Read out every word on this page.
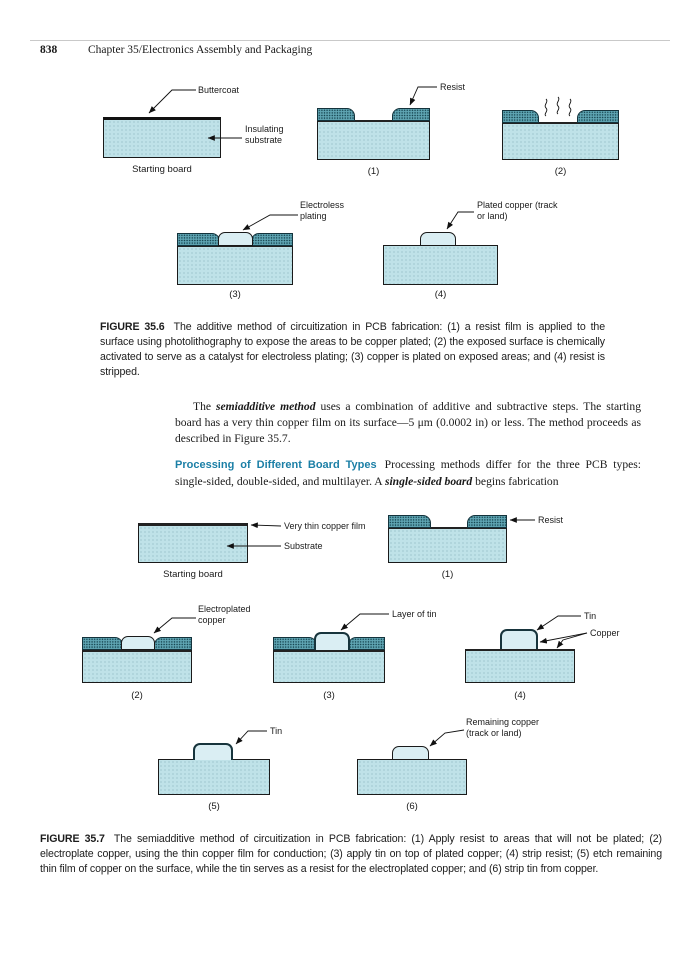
838	Chapter 35/Electronics Assembly and Packaging
Buttercoat
Insulating substrate
Starting board
Resist
(1)	(2)
Electroless plating
(3)
Plated copper (track or land)
(4)
FIGURE 35.6 The additive method of circuitization in PCB fabrication: (1) a resist film is applied to the surface using photolithography to expose the areas to be copper plated; (2) the exposed surface is chemically activated to serve as a catalyst for electroless plating; (3) copper is plated on exposed areas; and (4) resist is stripped.
The semiadditive method uses a combination of additive and subtractive steps. The starting board has a very thin copper film on its surface—5 μm (0.0002 in) or less. The method proceeds as described in Figure 35.7.
Processing of Different Board Types Processing methods differ for the three PCB types: single-sided, double-sided, and multilayer. A single-sided board begins fabrication
Very thin copper film
Substrate
Starting board
Resist
(1)
Electroplated copper
(2)
Layer of tin
(3)
Tin
Copper
(4)
Tin
(5)
Remaining copper (track or land)
(6)
FIGURE 35.7 The semiadditive method of circuitization in PCB fabrication: (1) Apply resist to areas that will not be plated; (2) electroplate copper, using the thin copper film for conduction; (3) apply tin on top of plated copper; (4) strip resist; (5) etch remaining thin film of copper on the surface, while the tin serves as a resist for the electroplated copper; and (6) strip tin from copper.
